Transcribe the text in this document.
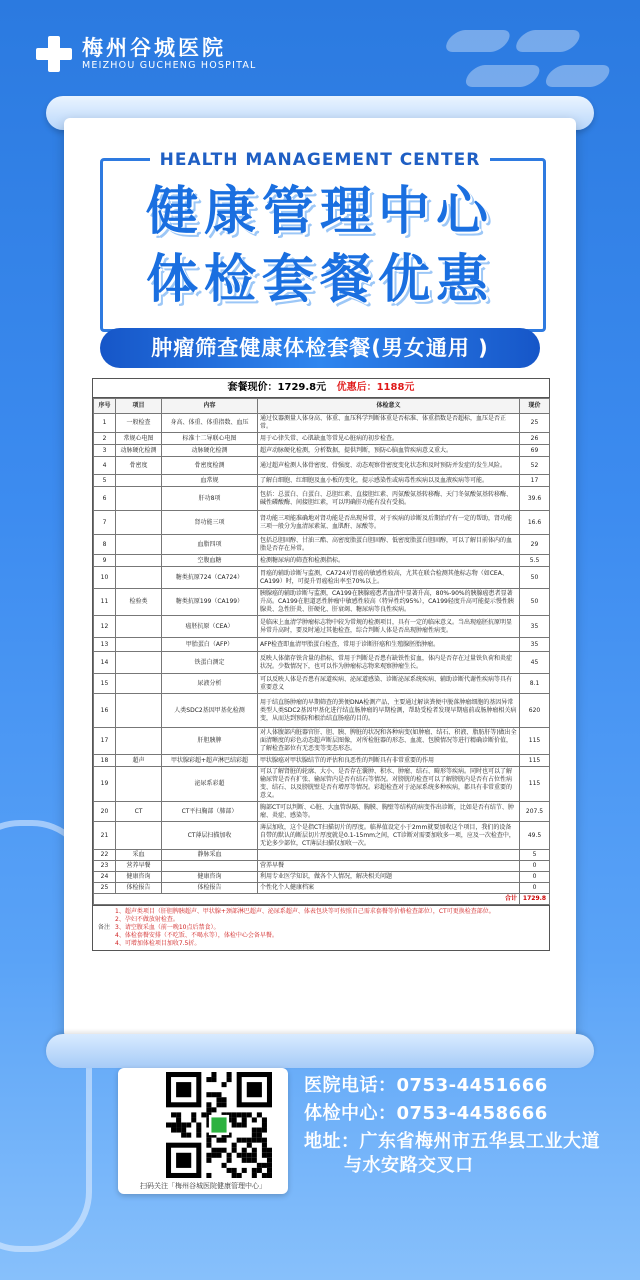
梅州谷城医院
MEIZHOU GUCHENG HOSPITAL
HEALTH MANAGEMENT CENTER
健康管理中心
体检套餐优惠
肿瘤筛查健康体检套餐(男女通用 )
套餐现价：1729.8元 优惠后：1188元
序号	项目	内容	体检意义	现价
1	一般检查	身高、体重、体重指数、血压	通过仪器测量人体身高、体重、血压科学判断体重是否标准、体重指数是否超标，血压是否正常。	25
2	常规心电图	标准十二导联心电图	用于心律失常、心肌缺血等常见心脏病的初步检查。	26
3	动脉硬化检测	动脉硬化检测	超声动脉硬化检测，分析数据，提供判断，预防心脑血管疾病意义重大。	69
4	骨密度	骨密度检测	通过超声检测人体骨密度、骨强度、动态观察骨密度变化状态和及时预防并发症的发生风险。	52
5		血常规	了解白细胞、红细胞及血小板的变化，提示感染性或病毒性疾病以及血液疾病等可能。	17
6		肝功8项	包括：总蛋白、白蛋白、总胆红素、直接胆红素、丙氨酸氨基转移酶、天门冬氨酸氨基转移酶、碱性磷酸酶、间接胆红素，可以明确肝功能有没有受损。	39.6
7		肾功能三项	肾功能三项能准确地对肾功能是否出现异常，对于疾病的诊断及后期治疗有一定的帮助，肾功能三项一般分为血清尿素氮、血肌酐、尿酸等。	16.6
8		血脂四项	包括总胆固醇、甘油三酯、高密度脂蛋白胆固醇、低密度脂蛋白胆固醇，可以了解目前体内的血脂是否存在异常。	29
9		空腹血糖	检测糖尿病的筛查和检测指标。	5.5
10		糖类抗原724（CA724）	胃癌的辅助诊断与监测，CA724对胃癌的敏感性较高，尤其在联合检测其他标志物（如CEA、CA199）时，可提升胃癌检出率至70%以上。	50
11	检验类	糖类抗原199（CA199）	胰腺癌的辅助诊断与监测，CA199在胰腺癌患者血清中显著升高，80%-90%的胰腺癌患者显著升高。CA199在胆道恶性肿瘤中敏感性较高（特异性约95%），CA199轻度升高可能提示慢性胰腺炎、急性肝炎、肝硬化、肝衰竭、糖尿病等良性疾病。	50
12		癌胚抗原（CEA）	是临床上血清学肿瘤标志物中较为常规的检测项目，具有一定的临床意义。当出现癌胚抗原明显异常升高时，要及时通过其他检查，综合判断人体是否出现肿瘤性病变。	35
13		甲胎蛋白（AFP）	AFP检查即血清甲胎蛋白检查，常用于诊断肝癌和生殖腺胚胎肿瘤。	35
14		铁蛋白测定	反映人体储存铁含量的指标，常用于判断是否患有缺铁性贫血，体内是否存在过量铁负荷和炎症状况。少数情况下，也可以作为肿瘤标志物来观察肿瘤生长。	45
15		尿液分析	可以反映人体是否患有尿道疾病、泌尿道感染、诊断泌尿系统疾病、辅助诊断代谢性疾病等具有重要意义	8.1
16		人类SDC2基因甲基化检测	用于结直肠肿瘤的早期筛查的粪便DNA检测产品，主要通过解读粪便中脱落肿瘤细胞的基因异常类型人类SDC2基因甲基化进行结直肠肿瘤的早期检测，帮助受检者发现早期癌前或肠肿瘤相关病变，从而达到预防和根治结直肠癌的目的。	620
17		肝胆胰脾	对人体腹部内脏器官肝、胆、胰、脾脏的状况和各种病变(如肿瘤、结石、积液、脂肪肝等)做出全面清晰度的彩色动态超声断层图像，对所检脏器的形态、血流、包膜情况等进行精确诊断价值，了解检查部位有无恶变等变态形态。	115
18	超声	甲状腺彩超+超声淋巴结彩超	甲状腺癌对甲状腺结节的评估和良恶性的判断具有非常重要的作用	115
19		泌尿系彩超	可以了解肾脏的轮廓、大小、是否存在囊肿、积水、肿瘤、结石、畸形等疾病。同时也可以了解输尿管是否有扩张、输尿管内是否有结石等情况。对膀胱的检查可以了解膀胱内是否有占位性病变、结石、以及膀胱壁是否有增厚等情况。彩超检查对于泌尿系统多种疾病，都具有非常重要的意义。	115
20	CT	CT平扫胸部（肺部）	胸部CT可以判断、心脏、大血管纵隔、胸膜、胸壁等结构的病变作出诊断，比如是否有结节、肿瘤、炎症、感染等。	207.5
21		CT薄层扫描加收	薄层加收，这个是指CT扫描切片的厚度。临界值设定小于2mm就要加收这个项目，我们的设备自带的默认的断层切片厚度就是0.1-15mm之间，CT诊断对需要加收多一项，应及一次检查中，无论多少部位，CT薄层扫描仅加收一次。	49.5
22	采血	静脉采血		5
23	营养早餐		营养早餐	0
24	健康咨询	健康咨询	利用专业医学知识，做各个人情况，解决相关问题	0
25	体检报告	体检报告	个性化个人健康档案	0
合计				1729.8
备注
1、超声类项目（肝胆脾胰超声、甲状腺+颈部淋巴超声、泌尿系超声、体表包块等可按照自己需求套餐等价格检查部位），CT可更换检查部位。
2、孕妇不做放射检查。
3、请空腹采血（前一晚10点后禁食）。
4、体检套餐安排（不吃饭、不喝水等），体检中心会备早餐。
4、可增加体检项目加收7.5折。
扫码关注「梅州谷城医院健康管理中心」
医院电话：0753-4451666
体检中心：0753-4458666
地址：广东省梅州市五华县工业大道
与水安路交叉口
